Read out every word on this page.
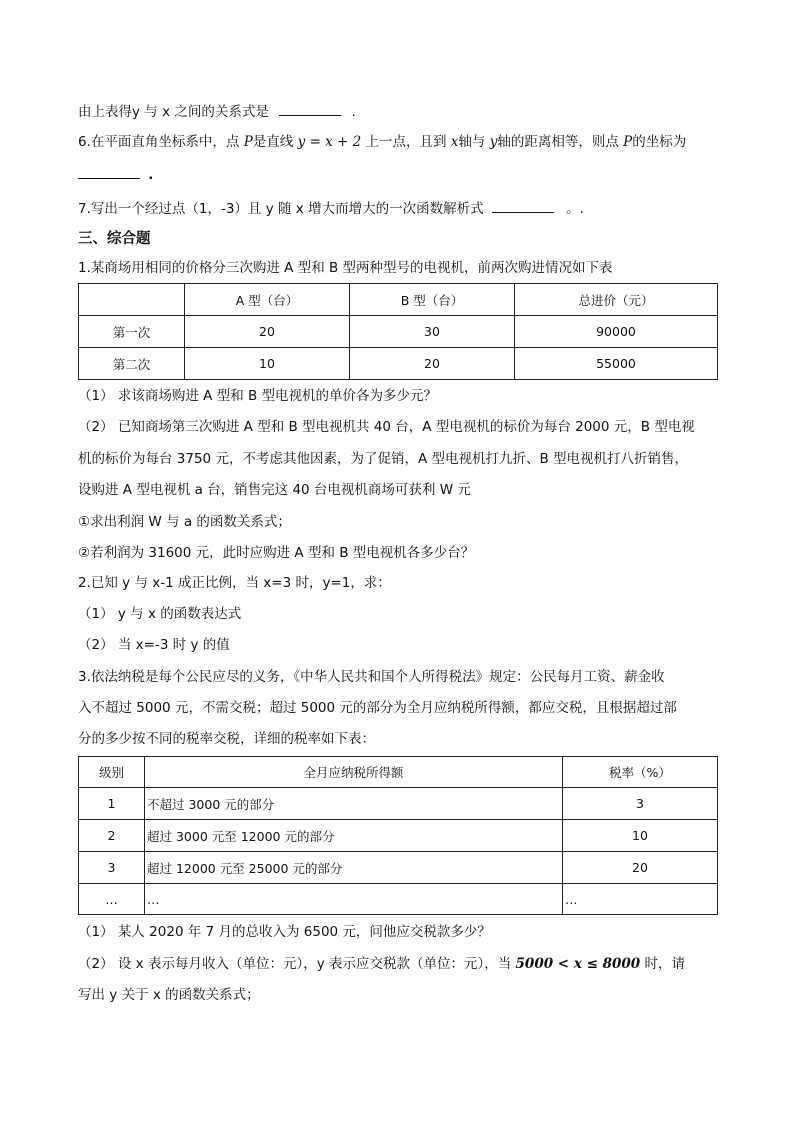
由上表得y 与 x 之间的关系式是	.
6.在平面直角坐标系中，点 P是直线 y = x + 2 上一点，且到 x轴与 y轴的距离相等，则点 P的坐标为
.
7.写出一个经过点（1，-3）且 y 随 x 增大而增大的一次函数解析式	。.
三、综合题
1.某商场用相同的价格分三次购进 A 型和 B 型两种型号的电视机，前两次购进情况如下表
	A 型（台）	B 型（台）	总进价（元）
第一次	20	30	90000
第二次	10	20	55000
（1） 求该商场购进 A 型和 B 型电视机的单价各为多少元？
（2） 已知商场第三次购进 A 型和 B 型电视机共 40 台，A 型电视机的标价为每台 2000 元，B 型电视
机的标价为每台 3750 元，不考虑其他因素，为了促销，A 型电视机打九折、B 型电视机打八折销售，
设购进 A 型电视机 a 台，销售完这 40 台电视机商场可获利 W 元
①求出利润 W 与 a 的函数关系式；
②若利润为 31600 元，此时应购进 A 型和 B 型电视机各多少台？
2.已知 y 与 x-1 成正比例，当 x=3 时，y=1，求：
（1） y 与 x 的函数表达式
（2） 当 x=-3 时 y 的值
3.依法纳税是每个公民应尽的义务，《中华人民共和国个人所得税法》规定：公民每月工资、薪金收
入不超过 5000 元，不需交税；超过 5000 元的部分为全月应纳税所得额，都应交税，且根据超过部
分的多少按不同的税率交税，详细的税率如下表：
级别	全月应纳税所得额	税率（%）
1	不超过 3000 元的部分	3
2	超过 3000 元至 12000 元的部分	10
3	超过 12000 元至 25000 元的部分	20
…	…	…
（1） 某人 2020 年 7 月的总收入为 6500 元，问他应交税款多少？
（2） 设 x 表示每月收入（单位：元），y 表示应交税款（单位：元），当 5000 < x ≤ 8000 时，请
写出 y 关于 x 的函数关系式；
